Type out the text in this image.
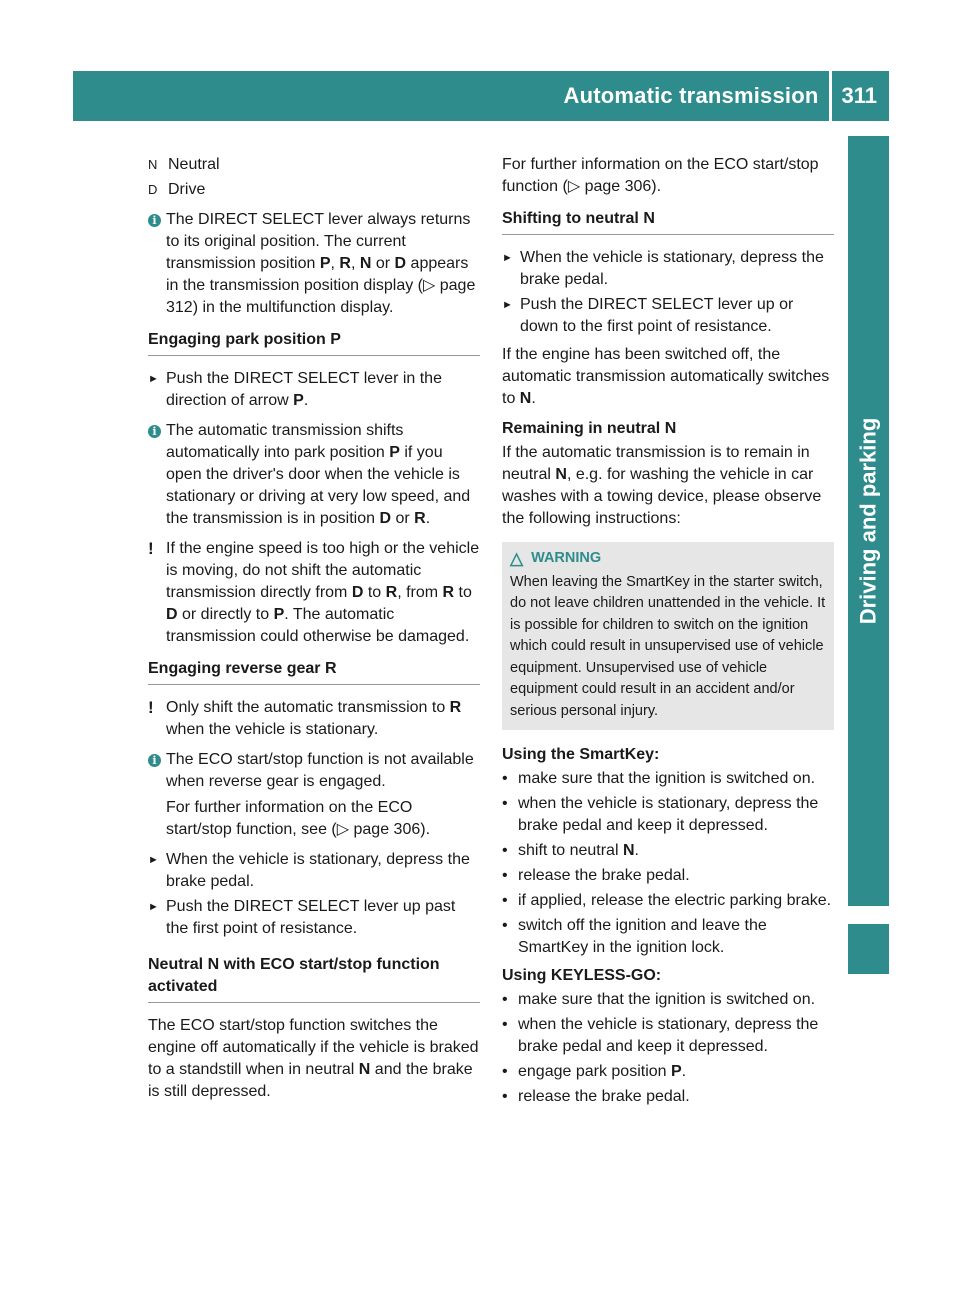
Automatic transmission	311
Driving and parking
N Neutral
D Drive
i The DIRECT SELECT lever always returns to its original position. The current transmission position P, R, N or D appears in the transmission position display (▷ page 312) in the multifunction display.

Engaging park position P
► Push the DIRECT SELECT lever in the direction of arrow P.

i The automatic transmission shifts automatically into park position P if you open the driver's door when the vehicle is stationary or driving at very low speed, and the transmission is in position D or R.

! If the engine speed is too high or the vehicle is moving, do not shift the automatic transmission directly from D to R, from R to D or directly to P. The automatic transmission could otherwise be damaged.

Engaging reverse gear R
! Only shift the automatic transmission to R when the vehicle is stationary.

i The ECO start/stop function is not available when reverse gear is engaged.

For further information on the ECO start/stop function, see (▷ page 306).

► When the vehicle is stationary, depress the brake pedal.

► Push the DIRECT SELECT lever up past the first point of resistance.

Neutral N with ECO start/stop function activated

The ECO start/stop function switches the engine off automatically if the vehicle is braked to a standstill when in neutral N and the brake is still depressed.

For further information on the ECO start/stop function (▷ page 306).

Shifting to neutral N
► When the vehicle is stationary, depress the brake pedal.

► Push the DIRECT SELECT lever up or down to the first point of resistance.

If the engine has been switched off, the automatic transmission automatically switches to N.

Remaining in neutral N

If the automatic transmission is to remain in neutral N, e.g. for washing the vehicle in car washes with a towing device, please observe the following instructions:

△ WARNING

When leaving the SmartKey in the starter switch, do not leave children unattended in the vehicle. It is possible for children to switch on the ignition which could result in unsupervised use of vehicle equipment. Unsupervised use of vehicle equipment could result in an accident and/or serious personal injury.

Using the SmartKey:
• make sure that the ignition is switched on.

• when the vehicle is stationary, depress the brake pedal and keep it depressed.

• shift to neutral N.

• release the brake pedal.

• if applied, release the electric parking brake.

• switch off the ignition and leave the SmartKey in the ignition lock.

Using KEYLESS-GO:
• make sure that the ignition is switched on.

• when the vehicle is stationary, depress the brake pedal and keep it depressed.

• engage park position P.

• release the brake pedal.
